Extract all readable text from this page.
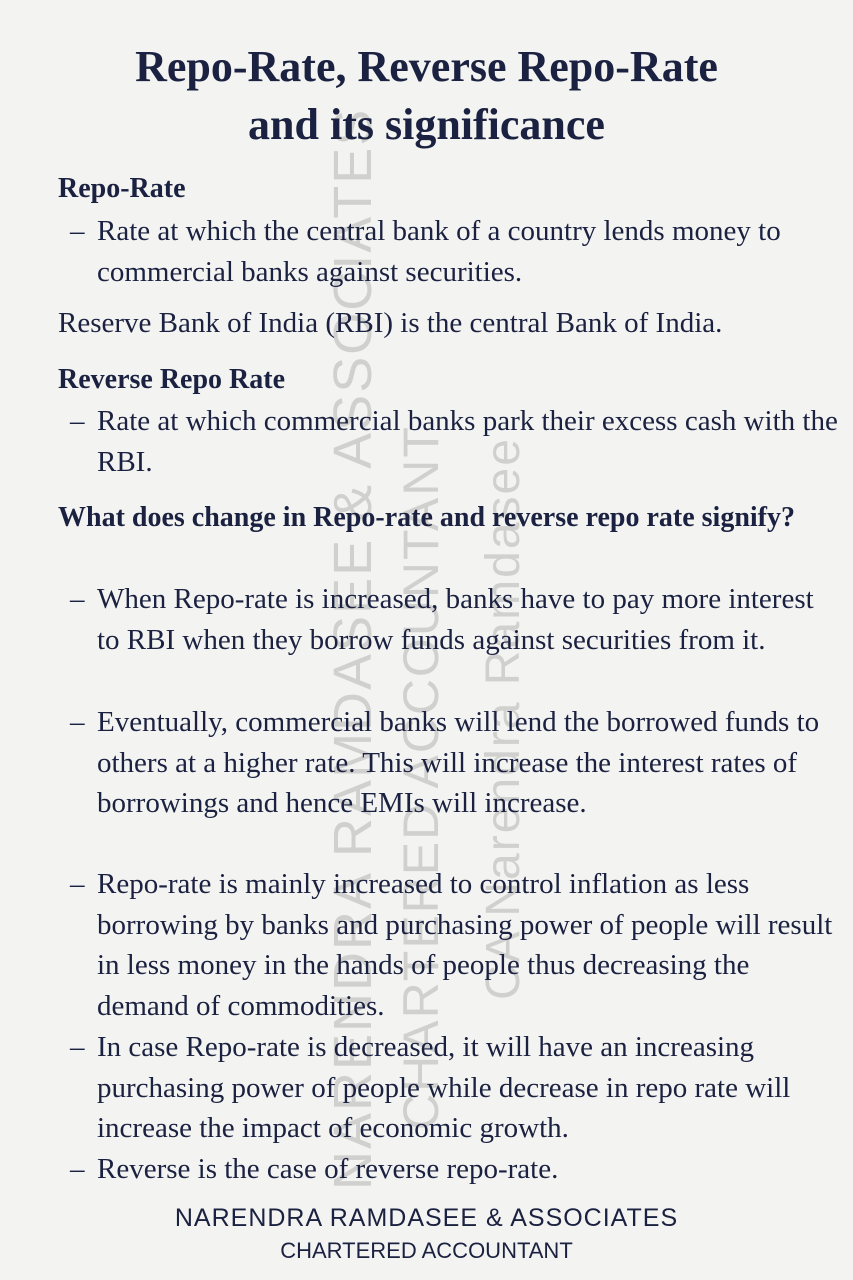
NARENDRA RAMDASEE & ASSOCIATES CHARTERED ACCOUNTANT CA Narendra Ramdasee
Repo-Rate, Reverse Repo-Rate
and its significance
Repo-Rate
– Rate at which the central bank of a country lends money to commercial banks against securities.
Reserve Bank of India (RBI) is the central Bank of India.
Reverse Repo Rate
– Rate at which commercial banks park their excess cash with the RBI.
What does change in Repo-rate and reverse repo rate signify?
– When Repo-rate is increased, banks have to pay more interest to RBI when they borrow funds against securities from it.
– Eventually, commercial banks will lend the borrowed funds to others at a higher rate. This will increase the interest rates of borrowings and hence EMIs will increase.
– Repo-rate is mainly increased to control inflation as less borrowing by banks and purchasing power of people will result in less money in the hands of people thus decreasing the demand of commodities.
– In case Repo-rate is decreased, it will have an increasing purchasing power of people while decrease in repo rate will increase the impact of economic growth.
– Reverse is the case of reverse repo-rate.
NARENDRA RAMDASEE & ASSOCIATES
CHARTERED ACCOUNTANT
